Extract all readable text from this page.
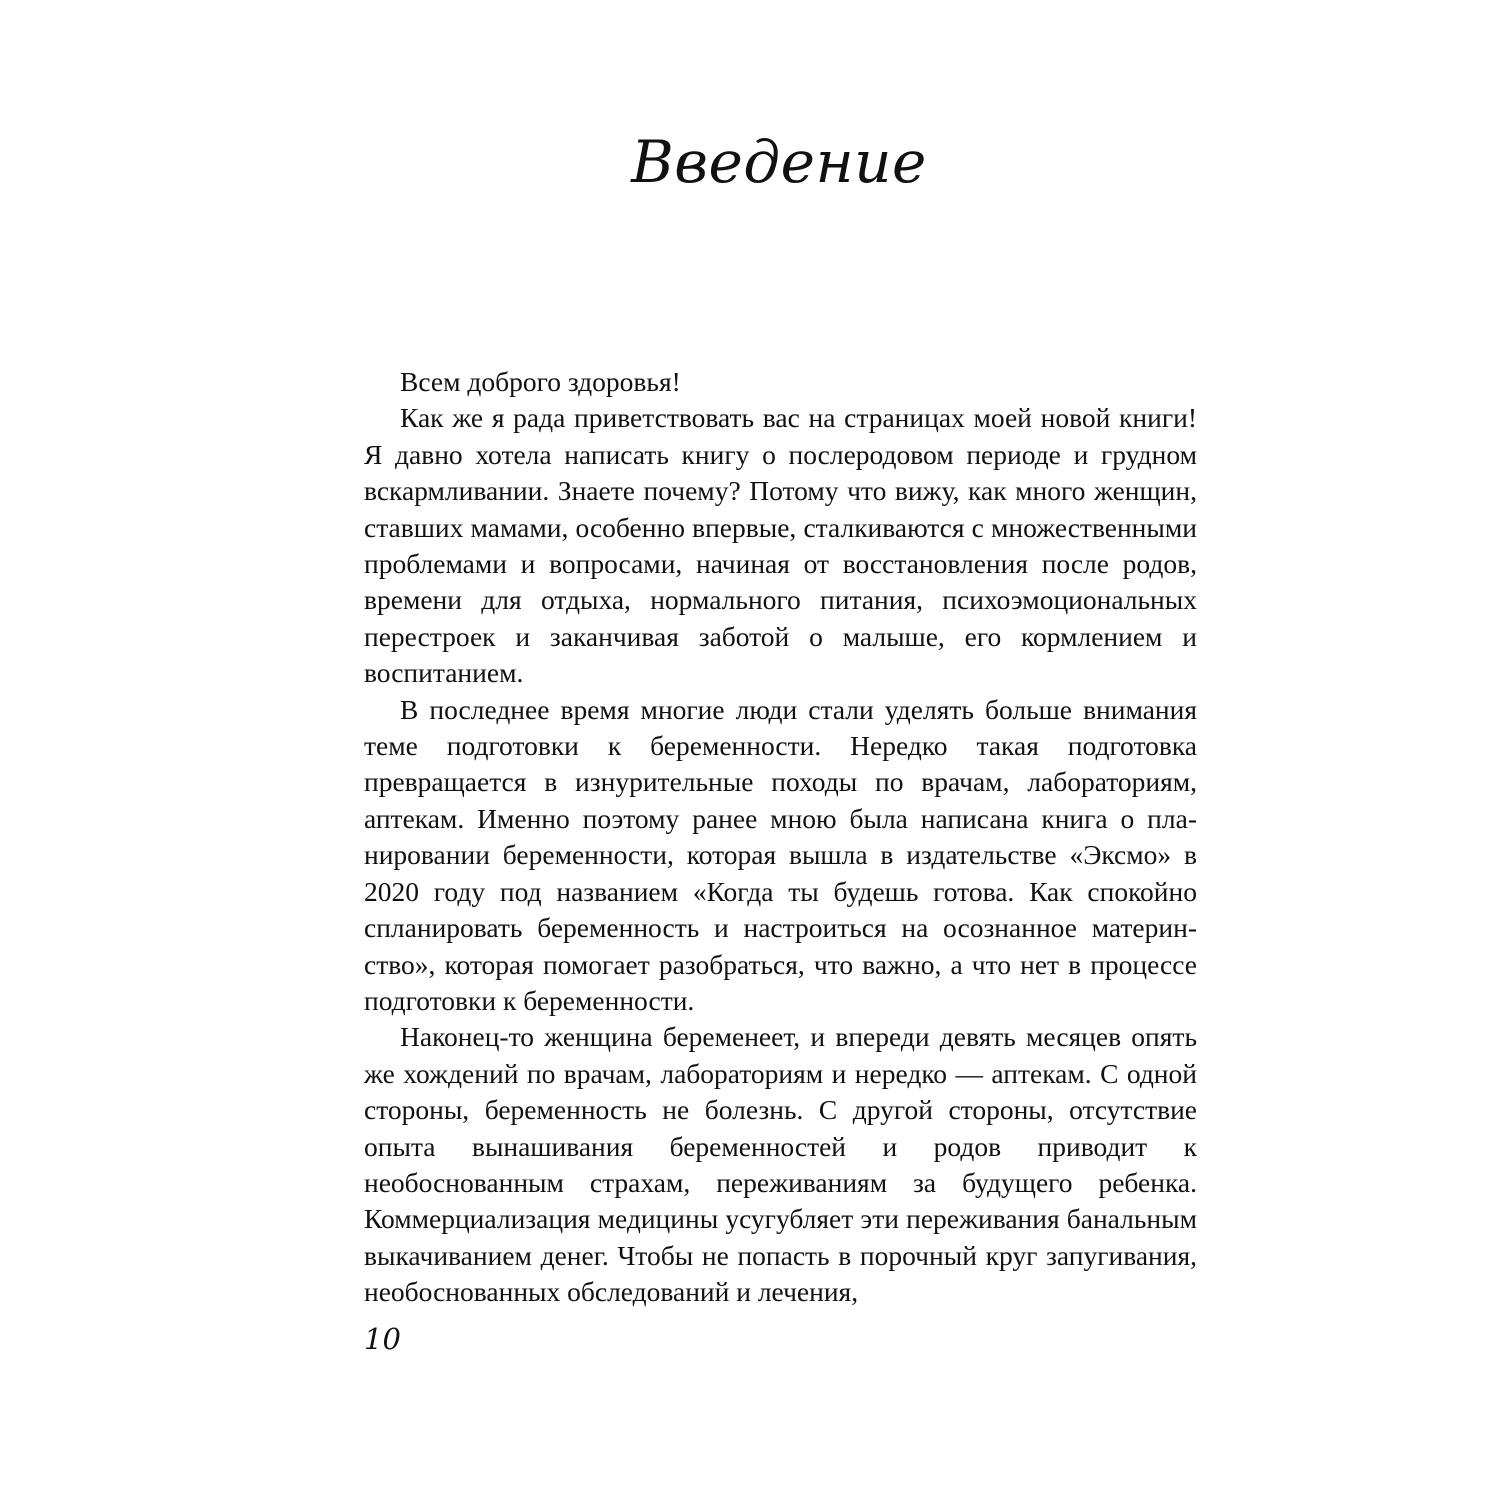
Введение

Всем доброго здоровья!

Как же я рада приветствовать вас на страницах моей новой книги! Я давно хотела написать книгу о послеродовом периоде и грудном вскармливании. Знаете почему? Потому что вижу, как много женщин, ставших мамами, особенно впервые, сталкиваются с множественными проблемами и вопросами, начиная от восстановления после родов, времени для отдыха, нормального питания, психоэмоциональных перестроек и заканчивая заботой о малыше, его кормлением и воспитанием.

В последнее время многие люди стали уделять больше внимания теме подготовки к беременности. Нередко такая подготовка превращается в изнурительные походы по врачам, лабораториям, аптекам. Именно поэтому ранее мною была написана книга о планировании беременности, которая вышла в издательстве «Эксмо» в 2020 году под названием «Когда ты будешь готова. Как спокойно спланировать беременность и настроиться на осознанное материнство», которая помогает разобраться, что важно, а что нет в процессе подготовки к беременности.

Наконец-то женщина беременеет, и впереди девять месяцев опять же хождений по врачам, лабораториям и нередко — аптекам. С одной стороны, беременность не болезнь. С другой стороны, отсутствие опыта вынашивания беременностей и родов приводит к необоснованным страхам, переживаниям за будущего ребенка. Коммерциализация медицины усугубляет эти переживания банальным выкачиванием денег. Чтобы не попасть в порочный круг запугивания, необоснованных обследований и лечения,

10
